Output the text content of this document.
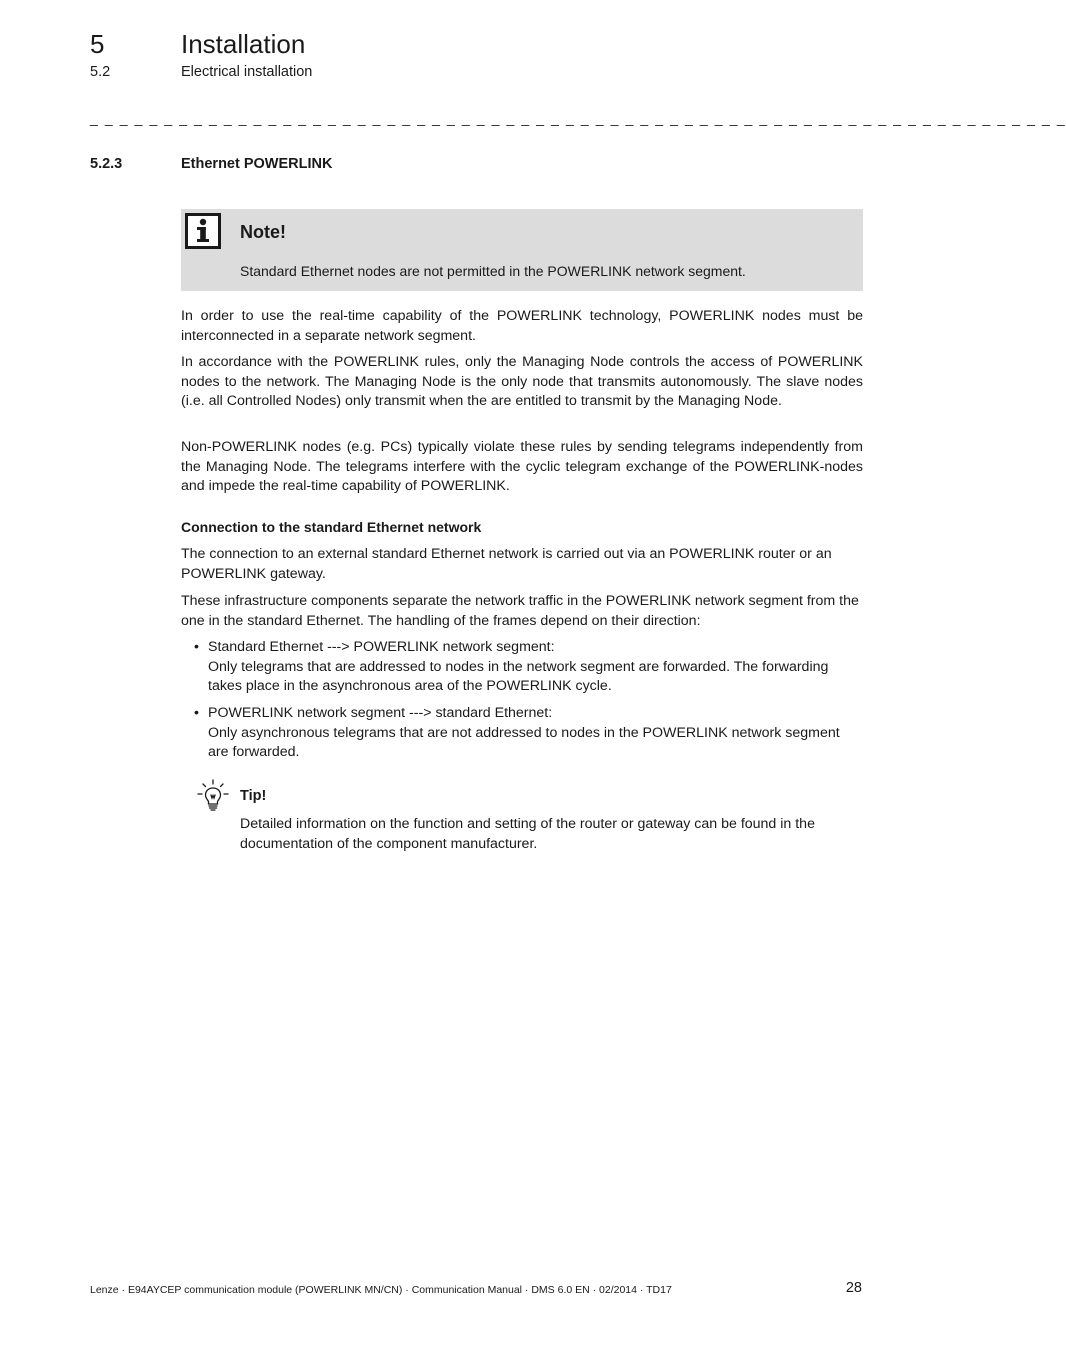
5	Installation
5.2	Electrical installation
_ _ _ _ _ _ _ _ _ _ _ _ _ _ _ _ _ _ _ _ _ _ _ _ _ _ _ _ _ _ _ _ _ _ _ _ _ _ _ _ _ _ _ _ _ _ _ _ _ _ _ _ _ _ _ _ _ _ _ _ _ _ _ _ _ _
5.2.3	Ethernet POWERLINK
Note!
Standard Ethernet nodes are not permitted in the POWERLINK network segment.

In order to use the real-time capability of the POWERLINK technology, POWERLINK nodes must be interconnected in a separate network segment.

In accordance with the POWERLINK rules, only the Managing Node controls the access of POWERLINK nodes to the network. The Managing Node is the only node that transmits autonomously. The slave nodes (i.e. all Controlled Nodes) only transmit when the are entitled to transmit by the Managing Node.

Non-POWERLINK nodes (e.g. PCs) typically violate these rules by sending telegrams independently from the Managing Node. The telegrams interfere with the cyclic telegram exchange of the POWERLINK-nodes and impede the real-time capability of POWERLINK.

Connection to the standard Ethernet network

The connection to an external standard Ethernet network is carried out via an POWERLINK router or an POWERLINK gateway.

These infrastructure components separate the network traffic in the POWERLINK network segment from the one in the standard Ethernet. The handling of the frames depend on their direction:

• Standard Ethernet ---> POWERLINK network segment:
Only telegrams that are addressed to nodes in the network segment are forwarded. The forwarding takes place in the asynchronous area of the POWERLINK cycle.
• POWERLINK network segment ---> standard Ethernet:
Only asynchronous telegrams that are not addressed to nodes in the POWERLINK network segment are forwarded.
Tip!
Detailed information on the function and setting of the router or gateway can be found in the documentation of the component manufacturer.
Lenze · E94AYCEP communication module (POWERLINK MN/CN) · Communication Manual · DMS 6.0 EN · 02/2014 · TD17	28
